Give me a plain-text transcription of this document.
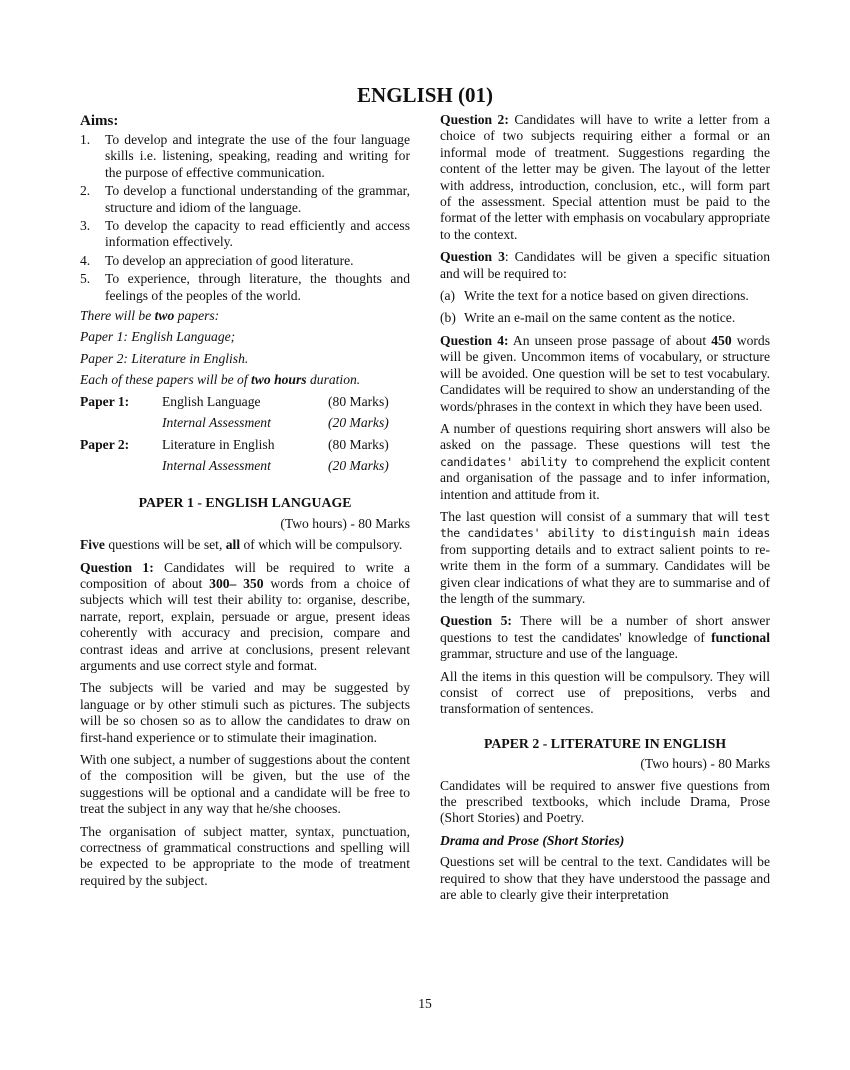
ENGLISH (01)
Aims:
1. To develop and integrate the use of the four language skills i.e. listening, speaking, reading and writing for the purpose of effective communication.
2. To develop a functional understanding of the grammar, structure and idiom of the language.
3. To develop the capacity to read efficiently and access information effectively.
4. To develop an appreciation of good literature.
5. To experience, through literature, the thoughts and feelings of the peoples of the world.
There will be two papers:
Paper 1: English Language;
Paper 2: Literature in English.
Each of these papers will be of two hours duration.
Paper 1:	English Language	(80 Marks)
	Internal Assessment	(20 Marks)
Paper 2:	Literature in English	(80 Marks)
	Internal Assessment	(20 Marks)
PAPER 1 - ENGLISH LANGUAGE
(Two hours) - 80 Marks

Five questions will be set, all of which will be compulsory.

Question 1: Candidates will be required to write a composition of about 300– 350 words from a choice of subjects which will test their ability to: organise, describe, narrate, report, explain, persuade or argue, present ideas coherently with accuracy and precision, compare and contrast ideas and arrive at conclusions, present relevant arguments and use correct style and format.

The subjects will be varied and may be suggested by language or by other stimuli such as pictures. The subjects will be so chosen so as to allow the candidates to draw on first-hand experience or to stimulate their imagination.

With one subject, a number of suggestions about the content of the composition will be given, but the use of the suggestions will be optional and a candidate will be free to treat the subject in any way that he/she chooses.

The organisation of subject matter, syntax, punctuation, correctness of grammatical constructions and spelling will be expected to be appropriate to the mode of treatment required by the subject.

Question 2: Candidates will have to write a letter from a choice of two subjects requiring either a formal or an informal mode of treatment. Suggestions regarding the content of the letter may be given. The layout of the letter with address, introduction, conclusion, etc., will form part of the assessment. Special attention must be paid to the format of the letter with emphasis on vocabulary appropriate to the context.

Question 3: Candidates will be given a specific situation and will be required to:

(a) Write the text for a notice based on given directions.
(b) Write an e-mail on the same content as the notice.

Question 4: An unseen prose passage of about 450 words will be given. Uncommon items of vocabulary, or structure will be avoided. One question will be set to test vocabulary. Candidates will be required to show an understanding of the words/phrases in the context in which they have been used.

A number of questions requiring short answers will also be asked on the passage. These questions will test the candidates' ability to comprehend the explicit content and organisation of the passage and to infer information, intention and attitude from it.

The last question will consist of a summary that will test the candidates' ability to distinguish main ideas from supporting details and to extract salient points to re-write them in the form of a summary. Candidates will be given clear indications of what they are to summarise and of the length of the summary.

Question 5: There will be a number of short answer questions to test the candidates' knowledge of functional grammar, structure and use of the language.

All the items in this question will be compulsory. They will consist of correct use of prepositions, verbs and transformation of sentences.

PAPER 2 - LITERATURE IN ENGLISH
(Two hours) - 80 Marks

Candidates will be required to answer five questions from the prescribed textbooks, which include Drama, Prose (Short Stories) and Poetry.

Drama and Prose (Short Stories)

Questions set will be central to the text. Candidates will be required to show that they have understood the passage and are able to clearly give their interpretation

15
